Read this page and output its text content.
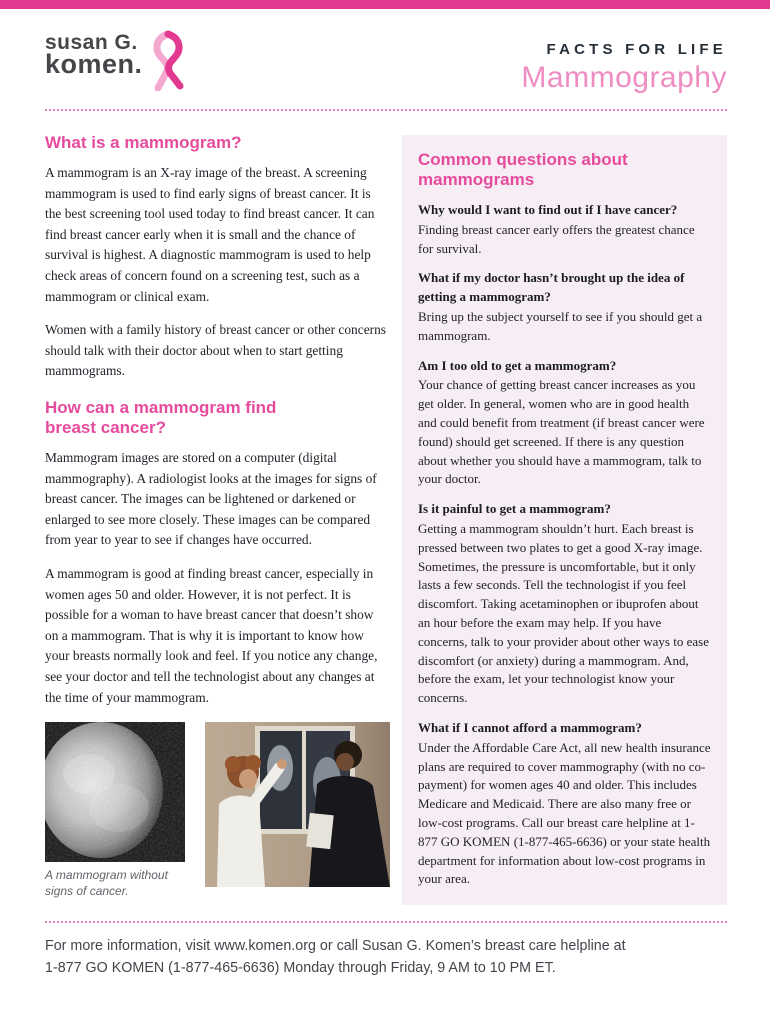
susan G.
komen.	FACTS FOR LIFE
Mammography
What is a mammogram?

A mammogram is an X-ray image of the breast. A screening mammogram is used to find early signs of breast cancer. It is the best screening tool used today to find breast cancer. It can find breast cancer early when it is small and the chance of survival is highest. A diagnostic mammogram is used to help check areas of concern found on a screening test, such as a mammogram or clinical exam.

Women with a family history of breast cancer or other concerns should talk with their doctor about when to start getting mammograms.

How can a mammogram find breast cancer?

Mammogram images are stored on a computer (digital mammography). A radiologist looks at the images for signs of breast cancer. The images can be lightened or darkened or enlarged to see more closely. These images can be compared from year to year to see if changes have occurred.

A mammogram is good at finding breast cancer, especially in women ages 50 and older. However, it is not perfect. It is possible for a woman to have breast cancer that doesn’t show on a mammogram. That is why it is important to know how your breasts normally look and feel. If you notice any change, see your doctor and tell the technologist about any changes at the time of your mammogram.

A mammogram without signs of cancer.
Common questions about mammograms
Why would I want to find out if I have cancer?
Finding breast cancer early offers the greatest chance for survival.
What if my doctor hasn’t brought up the idea of getting a mammogram?
Bring up the subject yourself to see if you should get a mammogram.
Am I too old to get a mammogram?
Your chance of getting breast cancer increases as you get older. In general, women who are in good health and could benefit from treatment (if breast cancer were found) should get screened. If there is any question about whether you should have a mammogram, talk to your doctor.
Is it painful to get a mammogram?
Getting a mammogram shouldn’t hurt. Each breast is pressed between two plates to get a good X-ray image. Sometimes, the pressure is uncomfortable, but it only lasts a few seconds. Tell the technologist if you feel discomfort. Taking acetaminophen or ibuprofen about an hour before the exam may help. If you have concerns, talk to your provider about other ways to ease discomfort (or anxiety) during a mammogram. And, before the exam, let your technologist know your concerns.
What if I cannot afford a mammogram?
Under the Affordable Care Act, all new health insurance plans are required to cover mammography (with no co-payment) for women ages 40 and older. This includes Medicare and Medicaid. There are also many free or low-cost programs. Call our breast care helpline at 1-877 GO KOMEN (1-877-465-6636) or your state health department for information about low-cost programs in your area.
For more information, visit www.komen.org or call Susan G. Komen’s breast care helpline at
1-877 GO KOMEN (1-877-465-6636) Monday through Friday, 9 AM to 10 PM ET.
